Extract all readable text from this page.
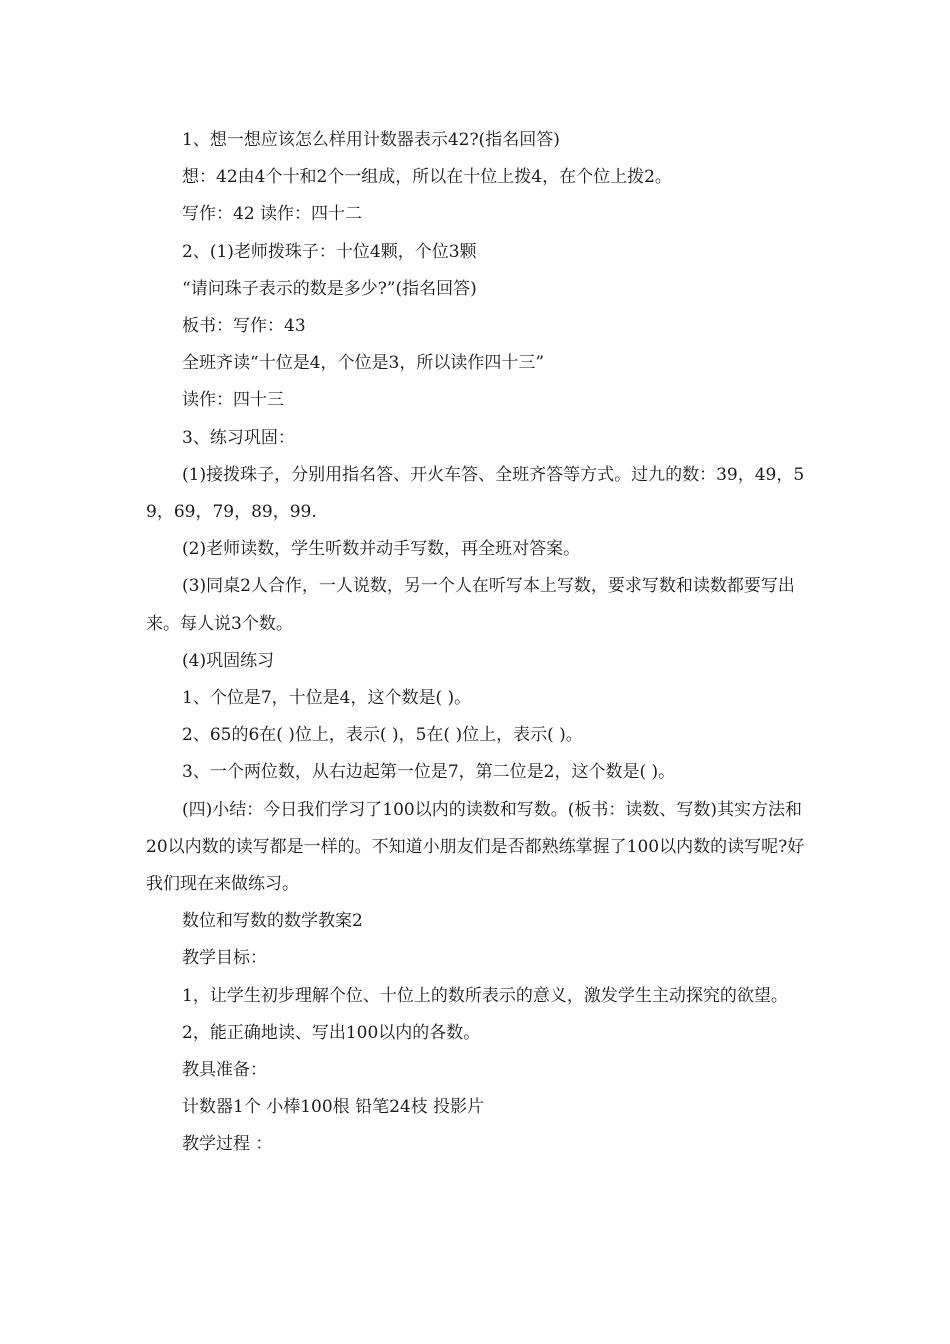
1、想一想应该怎么样用计数器表示42?(指名回答)

想：42由4个十和2个一组成，所以在十位上拨4，在个位上拨2。

写作：42 读作：四十二

2、(1)老师拨珠子：十位4颗，个位3颗

“请问珠子表示的数是多少?”(指名回答)

板书：写作：43

全班齐读“十位是4，个位是3，所以读作四十三”

读作：四十三

3、练习巩固：

(1)接拨珠子，分别用指名答、开火车答、全班齐答等方式。过九的数：39，49，59，69，79，89，99.

(2)老师读数，学生听数并动手写数，再全班对答案。

(3)同桌2人合作，一人说数，另一个人在听写本上写数，要求写数和读数都要写出来。每人说3个数。

(4)巩固练习

1、个位是7，十位是4，这个数是( )。

2、65的6在( )位上，表示( )，5在( )位上，表示( )。

3、一个两位数，从右边起第一位是7，第二位是2，这个数是( )。

(四)小结：今日我们学习了100以内的读数和写数。(板书：读数、写数)其实方法和20以内数的读写都是一样的。不知道小朋友们是否都熟练掌握了100以内数的读写呢?好我们现在来做练习。

数位和写数的数学教案2

教学目标：

1，让学生初步理解个位、十位上的数所表示的意义，激发学生主动探究的欲望。

2，能正确地读、写出100以内的各数。

教具准备：

计数器1个 小棒100根 铅笔24枝 投影片

教学过程 ：
